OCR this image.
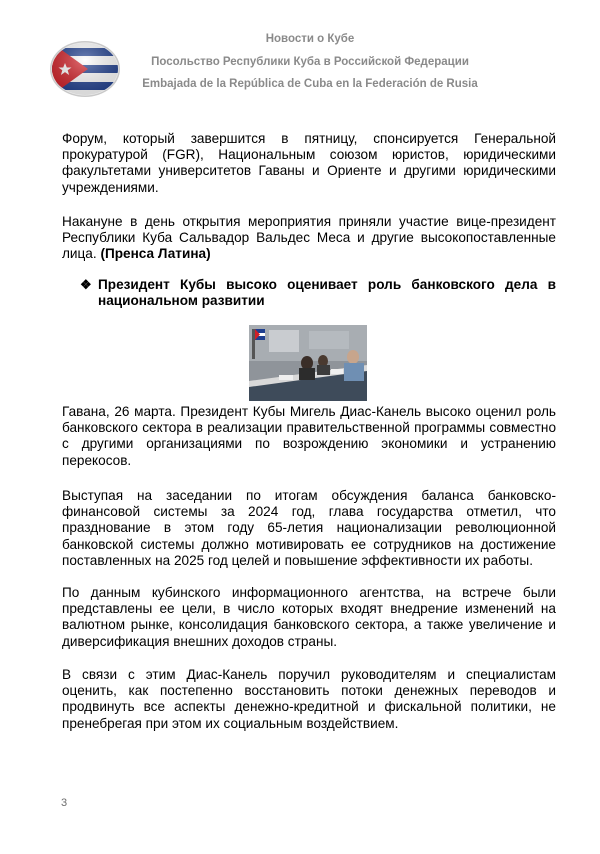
Новости о Кубе
Посольство Республики Куба в Российской Федерации
Embajada de la República de Cuba en la Federación de Rusia

Форум, который завершится в пятницу, спонсируется Генеральной прокуратурой (FGR), Национальным союзом юристов, юридическими факультетами университетов Гаваны и Ориенте и другими юридическими учреждениями.

Накануне в день открытия мероприятия приняли участие вице-президент Республики Куба Сальвадор Вальдес Меса и другие высокопоставленные лица. (Пренса Латина)

❖ Президент Кубы высоко оценивает роль банковского дела в национальном развитии

Гавана, 26 марта. Президент Кубы Мигель Диас-Канель высоко оценил роль банковского сектора в реализации правительственной программы совместно с другими организациями по возрождению экономики и устранению перекосов.

Выступая на заседании по итогам обсуждения баланса банковско-финансовой системы за 2024 год, глава государства отметил, что празднование в этом году 65-летия национализации революционной банковской системы должно мотивировать ее сотрудников на достижение поставленных на 2025 год целей и повышение эффективности их работы.

По данным кубинского информационного агентства, на встрече были представлены ее цели, в число которых входят внедрение изменений на валютном рынке, консолидация банковского сектора, а также увеличение и диверсификация внешних доходов страны.

В связи с этим Диас-Канель поручил руководителям и специалистам оценить, как постепенно восстановить потоки денежных переводов и продвинуть все аспекты денежно-кредитной и фискальной политики, не пренебрегая при этом их социальным воздействием.

3
